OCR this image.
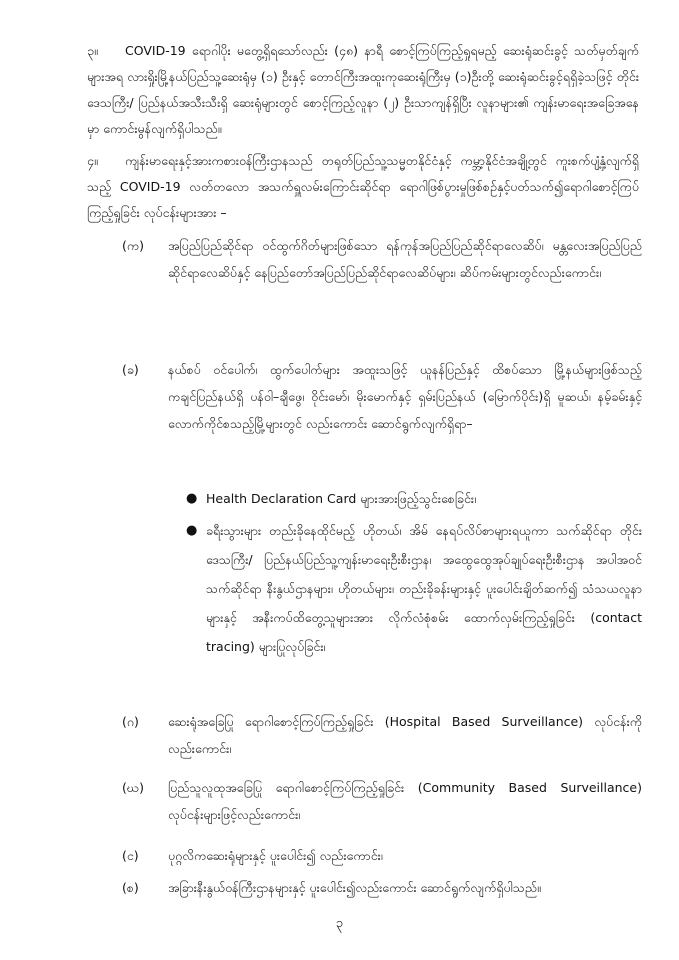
၃။ COVID-19 ရောဂါပိုး မတွေ့ရှိရသော်လည်း (၄၈) နာရီ စောင့်ကြပ်ကြည့်ရှုရမည့် ဆေးရုံဆင်းခွင့် သတ်မှတ်ချက်များအရ လားရှိုးမြို့နယ်ပြည်သူ့ဆေးရုံမှ (၁) ဦးနှင့် တောင်ကြီးအထူးကုဆေးရုံကြီးမှ (၁)ဦးတို့ ဆေးရုံဆင်းခွင့်ရရှိခဲ့သဖြင့် တိုင်းဒေသကြီး/ ပြည်နယ်အသီးသီးရှိ ဆေးရုံများတွင် စောင့်ကြည့်လူနာ (၂) ဦးသာကျန်ရှိပြီး လူနာများ၏ ကျန်းမာရေးအခြေအနေမှာ ကောင်းမွန်လျက်ရှိပါသည်။

၄။ ကျန်းမာရေးနှင့်အားကစားဝန်ကြီးဌာနသည် တရုတ်ပြည်သူ့သမ္မတနိုင်ငံနှင့် ကမ္ဘာ့နိုင်ငံအချို့တွင် ကူးစက်ပျံ့နှံ့လျက်ရှိသည့် COVID-19 လတ်တလော အသက်ရှူလမ်းကြောင်းဆိုင်ရာ ရောဂါဖြစ်ပွားမှုဖြစ်စဉ်နှင့်ပတ်သက်၍ရောဂါစောင့်ကြပ်ကြည့်ရှုခြင်း လုပ်ငန်းများအား –

(က)	အပြည်ပြည်ဆိုင်ရာ ဝင်ထွက်ဂိတ်များဖြစ်သော ရန်ကုန်အပြည်ပြည်ဆိုင်ရာလေဆိပ်၊ မန္တလေးအပြည်ပြည်ဆိုင်ရာလေဆိပ်နှင့် နေပြည်တော်အပြည်ပြည်ဆိုင်ရာလေဆိပ်များ၊ ဆိပ်ကမ်းများတွင်လည်းကောင်း၊
(ခ)	နယ်စပ် ဝင်ပေါက်၊ ထွက်ပေါက်များ အထူးသဖြင့် ယူနန်ပြည်နှင့် ထိစပ်သော မြို့နယ်များဖြစ်သည့် ကချင်ပြည်နယ်ရှိ ပန်ဝါ–ချီဖွေ၊ ဝိုင်းမော်၊ မိုးမောက်နှင့် ရှမ်းပြည်နယ် (မြောက်ပိုင်း)ရှိ မူဆယ်၊ နမ့်ခမ်းနှင့် လောက်ကိုင်စသည့်မြို့များတွင် လည်းကောင်း ဆောင်ရွက်လျက်ရှိရာ–
● Health Declaration Card များအားဖြည့်သွင်းစေခြင်း၊
● ခရီးသွားများ တည်းခိုနေထိုင်မည့် ဟိုတယ်၊ အိမ် နေရပ်လိပ်စာများရယူကာ သက်ဆိုင်ရာ တိုင်းဒေသကြီး/ ပြည်နယ်ပြည်သူ့ကျန်းမာရေးဦးစီးဌာန၊ အထွေထွေအုပ်ချုပ်ရေးဦးစီးဌာန အပါအဝင် သက်ဆိုင်ရာ နီးနွယ်ဌာနများ၊ ဟိုတယ်များ၊ တည်းခိုခန်းများနှင့် ပူးပေါင်းချိတ်ဆက်၍ သံသယလူနာများနှင့် အနီးကပ်ထိတွေ့သူများအား လိုက်လံစုံစမ်း ထောက်လှမ်းကြည့်ရှုခြင်း (contact tracing) များပြုလုပ်ခြင်း၊
(ဂ)	ဆေးရုံအခြေပြု ရောဂါစောင့်ကြပ်ကြည့်ရှုခြင်း (Hospital Based Surveillance) လုပ်ငန်းကိုလည်းကောင်း၊
(ဃ)	ပြည်သူလူထုအခြေပြု ရောဂါစောင့်ကြပ်ကြည့်ရှုခြင်း (Community Based Surveillance) လုပ်ငန်းများဖြင့်လည်းကောင်း၊
(င)	ပုဂ္ဂလိကဆေးရုံများနှင့် ပူးပေါင်း၍ လည်းကောင်း၊
(စ)	အခြားနီးနွယ်ဝန်ကြီးဌာနများနှင့် ပူးပေါင်း၍လည်းကောင်း ဆောင်ရွက်လျက်ရှိပါသည်။
၃
